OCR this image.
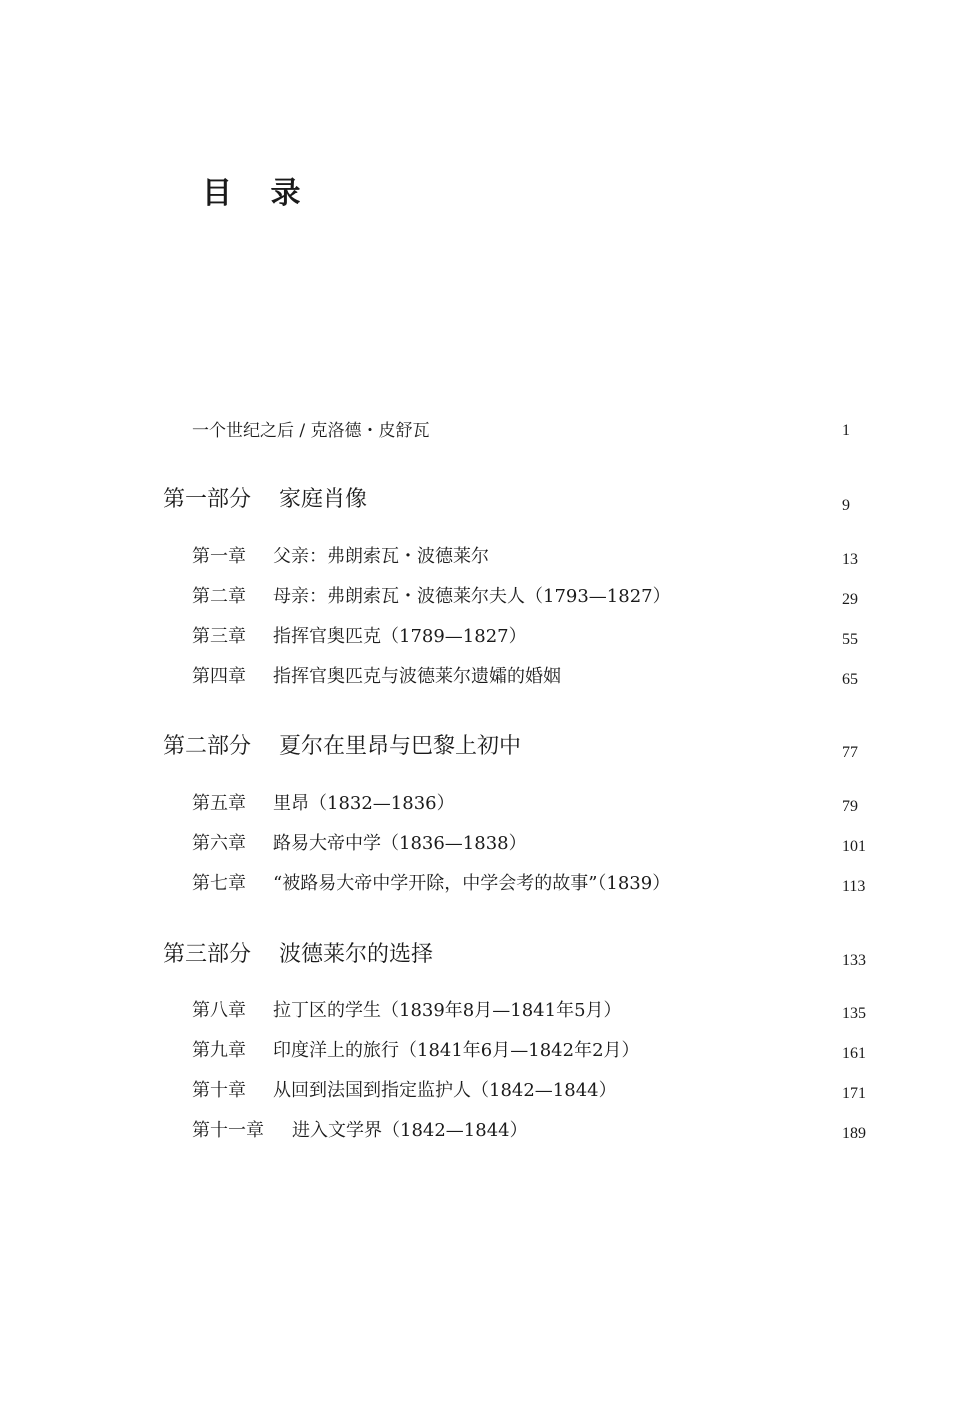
目 录
一个世纪之后 / 克洛德・皮舒瓦	1
第一部分 家庭肖像	9
第一章 父亲：弗朗索瓦・波德莱尔	13
第二章 母亲：弗朗索瓦・波德莱尔夫人（1793—1827）	29
第三章 指挥官奥匹克（1789—1827）	55
第四章 指挥官奥匹克与波德莱尔遗孀的婚姻	65
第二部分 夏尔在里昂与巴黎上初中	77
第五章 里昂（1832—1836）	79
第六章 路易大帝中学（1836—1838）	101
第七章 “被路易大帝中学开除，中学会考的故事”（1839）	113
第三部分 波德莱尔的选择	133
第八章 拉丁区的学生（1839年8月—1841年5月）	135
第九章 印度洋上的旅行（1841年6月—1842年2月）	161
第十章 从回到法国到指定监护人（1842—1844）	171
第十一章 进入文学界（1842—1844）	189
